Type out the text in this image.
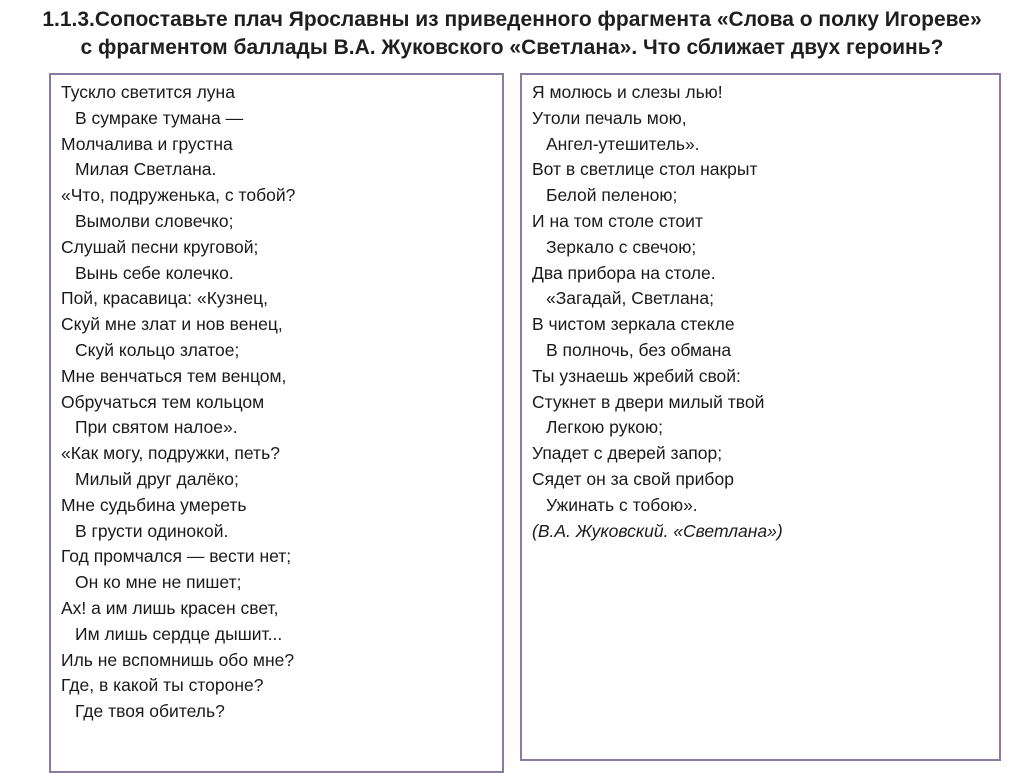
1.1.3.Сопоставьте плач Ярославны из приведенного фрагмента «Слова о полку Игореве»
с фрагментом баллады В.А. Жуковского «Светлана». Что сближает двух героинь?
Тускло светится луна
В сумраке тумана —
Молчалива и грустна
Милая Светлана.
«Что, подруженька, с тобой?
Вымолви словечко;
Слушай песни круговой;
Вынь себе колечко.
Пой, красавица: «Кузнец,
Скуй мне злат и нов венец,
Скуй кольцо златое;
Мне венчаться тем венцом,
Обручаться тем кольцом
При святом налое».
«Как могу, подружки, петь?
Милый друг далёко;
Мне судьбина умереть
В грусти одинокой.
Год промчался — вести нет;
Он ко мне не пишет;
Ах! а им лишь красен свет,
Им лишь сердце дышит...
Иль не вспомнишь обо мне?
Где, в какой ты стороне?
Где твоя обитель?
Я молюсь и слезы лью!
Утоли печаль мою,
Ангел-утешитель».
Вот в светлице стол накрыт
Белой пеленою;
И на том столе стоит
Зеркало с свечою;
Два прибора на столе.
«Загадай, Светлана;
В чистом зеркала стекле
В полночь, без обмана
Ты узнаешь жребий свой:
Стукнет в двери милый твой
Легкою рукою;
Упадет с дверей запор;
Сядет он за свой прибор
Ужинать с тобою».
(В.А. Жуковский. «Светлана»)
